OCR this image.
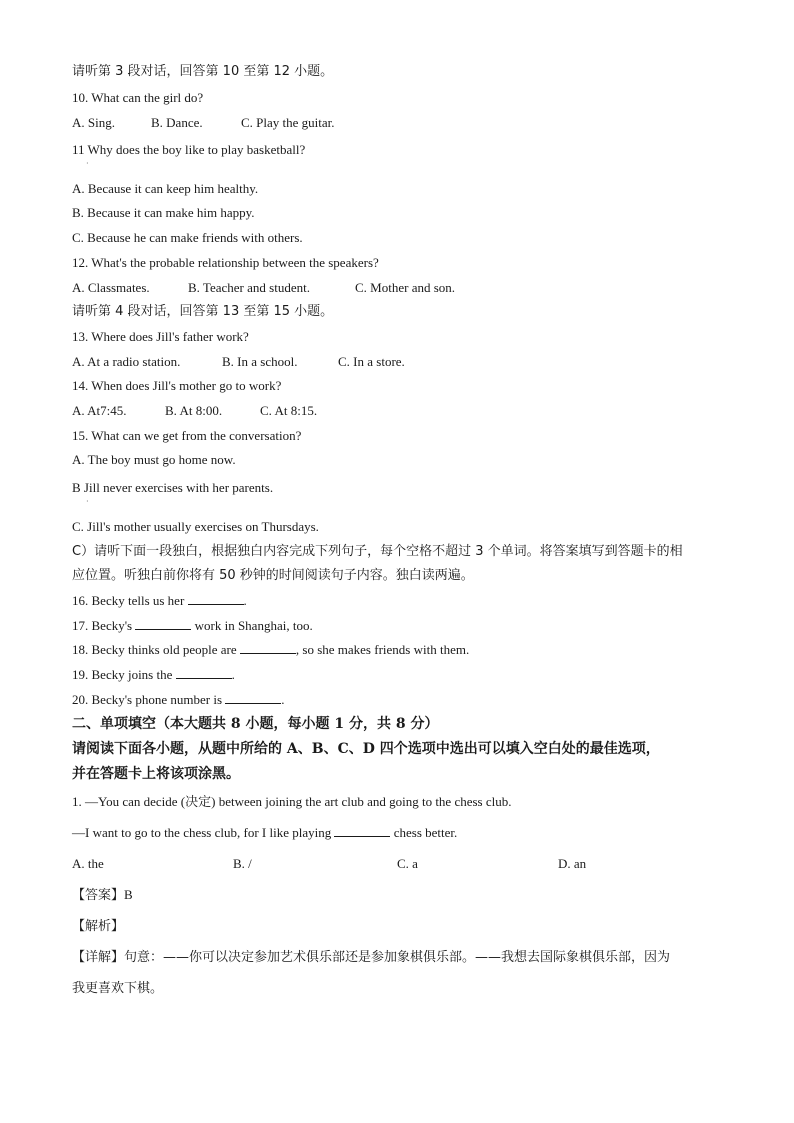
请听第 3 段对话，回答第 10 至第 12 小题。
10. What can the girl do?
A. Sing.	B. Dance.	C. Play the guitar.
11 Why does the boy like to play basketball?
·
A. Because it can keep him healthy.
B. Because it can make him happy.
C. Because he can make friends with others.
12. What's the probable relationship between the speakers?
A. Classmates.	B. Teacher and student.	C. Mother and son.
请听第 4 段对话，回答第 13 至第 15 小题。
13. Where does Jill's father work?
A. At a radio station.	B. In a school.	C. In a store.
14. When does Jill's mother go to work?
A. At7:45.	B. At 8:00.	C. At 8:15.
15. What can we get from the conversation?
A. The boy must go home now.
B Jill never exercises with her parents.
·
C. Jill's mother usually exercises on Thursdays.
C）请听下面一段独白，根据独白内容完成下列句子，每个空格不超过 3 个单词。将答案填写到答题卡的相
应位置。听独白前你将有 50 秒钟的时间阅读句子内容。独白读两遍。
16. Becky tells us her	.
17. Becky's	work in Shanghai, too.
18. Becky thinks old people are	, so she makes friends with them.
19. Becky joins the	.
20. Becky's phone number is	.
二、单项填空（本大题共 8 小题，每小题 1 分，共 8 分）
请阅读下面各小题，从题中所给的 A、B、C、D 四个选项中选出可以填入空白处的最佳选项，
并在答题卡上将该项涂黑。
1. —You can decide (决定) between joining the art club and going to the chess club.
—I want to go to the chess club, for I like playing	chess better.
A. the	B. /	C. a	D. an
【答案】B
【解析】
【详解】句意：——你可以决定参加艺术俱乐部还是参加象棋俱乐部。——我想去国际象棋俱乐部，因为
我更喜欢下棋。
